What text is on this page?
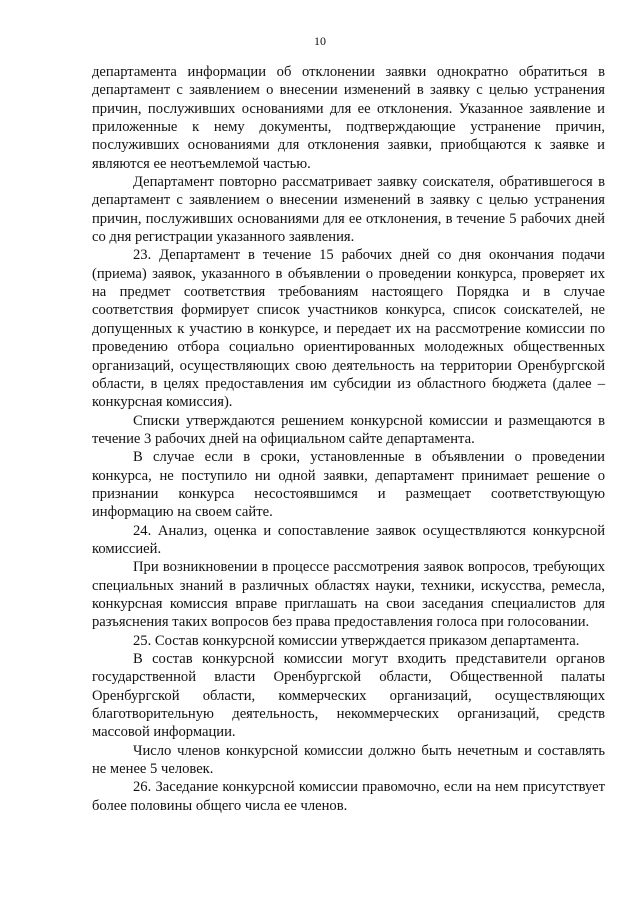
10

департамента информации об отклонении заявки однократно обратиться в департамент с заявлением о внесении изменений в заявку с целью устранения причин, послуживших основаниями для ее отклонения. Указанное заявление и приложенные к нему документы, подтверждающие устранение причин, послуживших основаниями для отклонения заявки, приобщаются к заявке и являются ее неотъемлемой частью.

Департамент повторно рассматривает заявку соискателя, обратившегося в департамент с заявлением о внесении изменений в заявку с целью устранения причин, послуживших основаниями для ее отклонения, в течение 5 рабочих дней со дня регистрации указанного заявления.

23. Департамент в течение 15 рабочих дней со дня окончания подачи (приема) заявок, указанного в объявлении о проведении конкурса, проверяет их на предмет соответствия требованиям настоящего Порядка и в случае соответствия формирует список участников конкурса, список соискателей, не допущенных к участию в конкурсе, и передает их на рассмотрение комиссии по проведению отбора социально ориентированных молодежных общественных организаций, осуществляющих свою деятельность на территории Оренбургской области, в целях предоставления им субсидии из областного бюджета (далее – конкурсная комиссия).

Списки утверждаются решением конкурсной комиссии и размещаются в течение 3 рабочих дней на официальном сайте департамента.

В случае если в сроки, установленные в объявлении о проведении конкурса, не поступило ни одной заявки, департамент принимает решение о признании конкурса несостоявшимся и размещает соответствующую информацию на своем сайте.

24. Анализ, оценка и сопоставление заявок осуществляются конкурсной комиссией.

При возникновении в процессе рассмотрения заявок вопросов, требующих специальных знаний в различных областях науки, техники, искусства, ремесла, конкурсная комиссия вправе приглашать на свои заседания специалистов для разъяснения таких вопросов без права предоставления голоса при голосовании.

25. Состав конкурсной комиссии утверждается приказом департамента.

В состав конкурсной комиссии могут входить представители органов государственной власти Оренбургской области, Общественной палаты Оренбургской области, коммерческих организаций, осуществляющих благотворительную деятельность, некоммерческих организаций, средств массовой информации.

Число членов конкурсной комиссии должно быть нечетным и составлять не менее 5 человек.

26. Заседание конкурсной комиссии правомочно, если на нем присутствует более половины общего числа ее членов.
